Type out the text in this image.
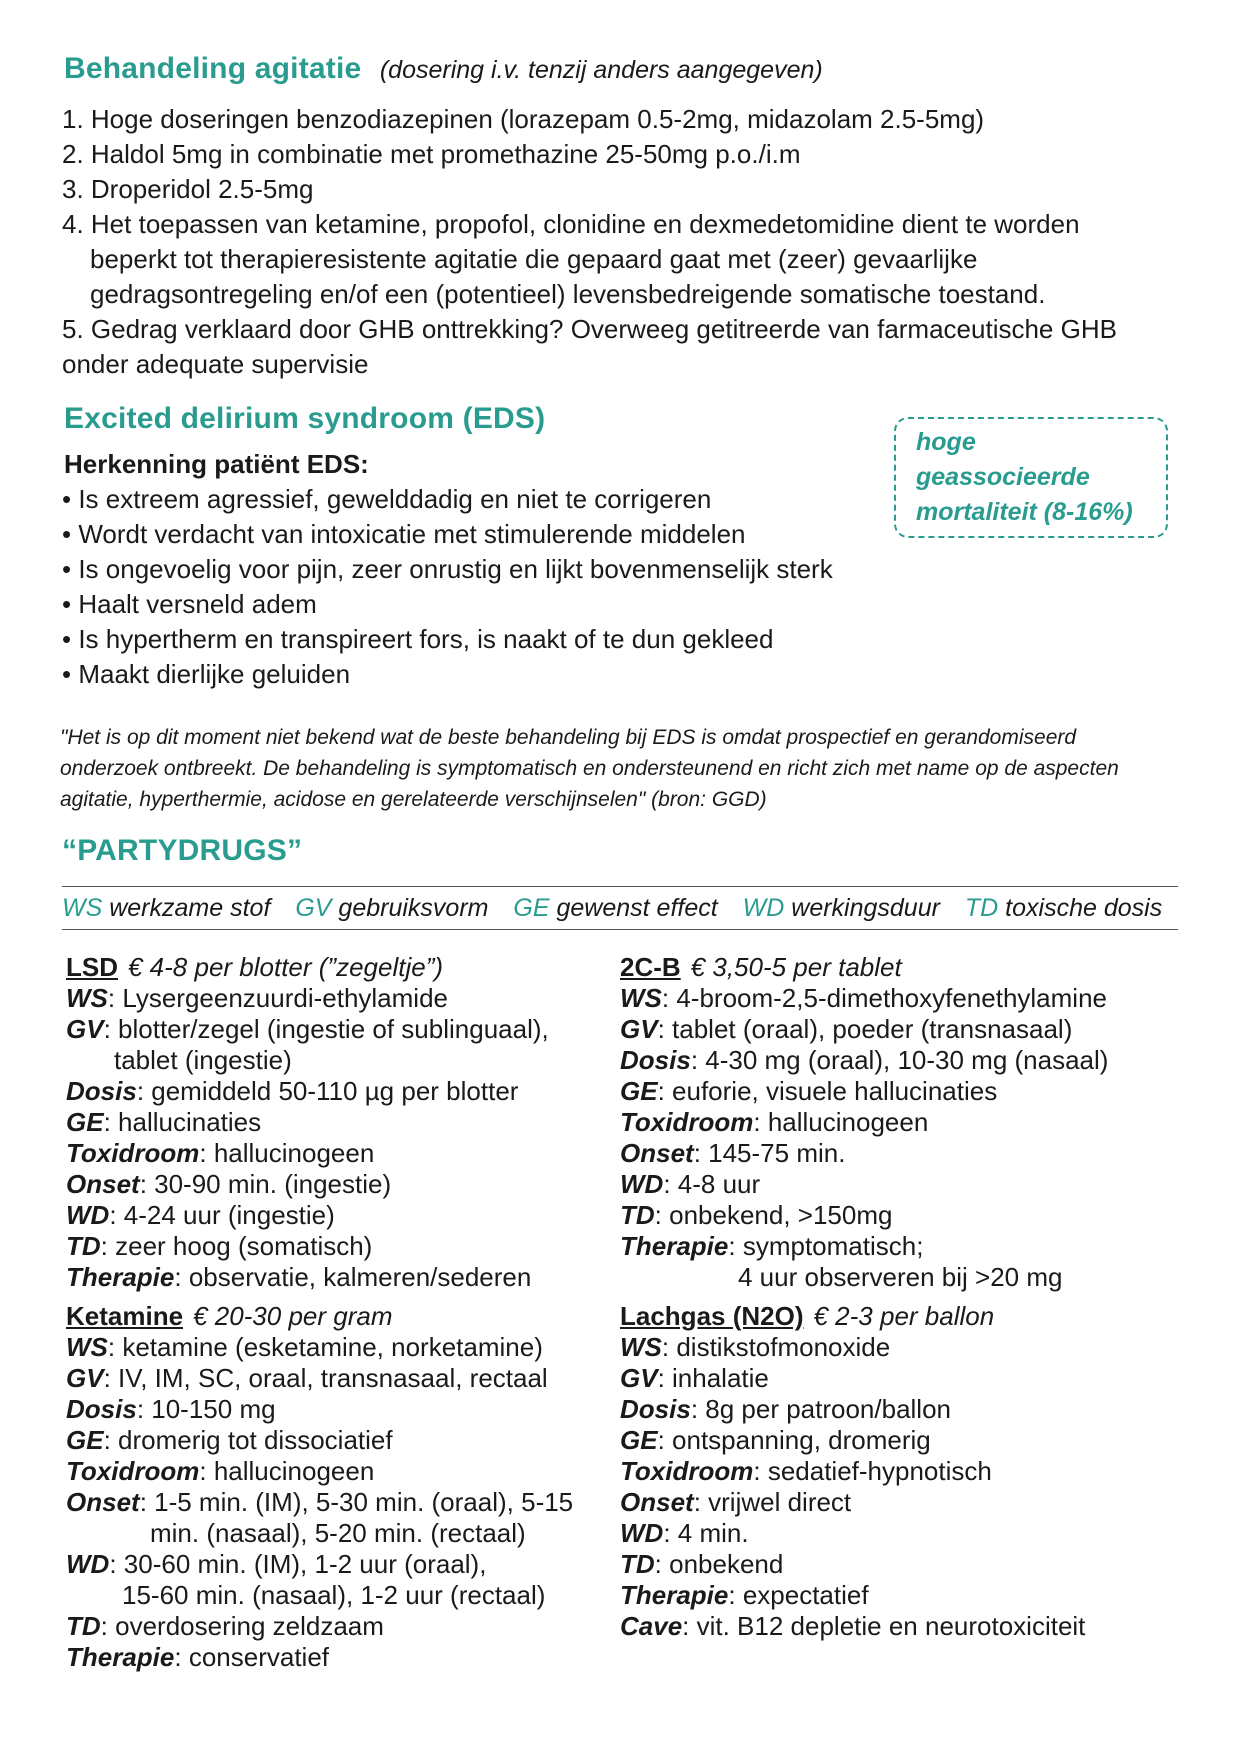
Behandeling agitatie (dosering i.v. tenzij anders aangegeven)
1. Hoge doseringen benzodiazepinen (lorazepam 0.5-2mg, midazolam 2.5-5mg)
2. Haldol 5mg in combinatie met promethazine 25-50mg p.o./i.m
3. Droperidol 2.5-5mg
4. Het toepassen van ketamine, propofol, clonidine en dexmedetomidine dient te worden
beperkt tot therapieresistente agitatie die gepaard gaat met (zeer) gevaarlijke
gedragsontregeling en/of een (potentieel) levensbedreigende somatische toestand.
5. Gedrag verklaard door GHB onttrekking? Overweeg getitreerde van farmaceutische GHB
onder adequate supervisie
Excited delirium syndroom (EDS)
Herkenning patiënt EDS:
• Is extreem agressief, gewelddadig en niet te corrigeren
• Wordt verdacht van intoxicatie met stimulerende middelen
• Is ongevoelig voor pijn, zeer onrustig en lijkt bovenmenselijk sterk
• Haalt versneld adem
• Is hypertherm en transpireert fors, is naakt of te dun gekleed
• Maakt dierlijke geluiden
hoge geassocieerde
mortaliteit (8-16%)
"Het is op dit moment niet bekend wat de beste behandeling bij EDS is omdat prospectief en gerandomiseerd
onderzoek ontbreekt. De behandeling is symptomatisch en ondersteunend en richt zich met name op de aspecten
agitatie, hyperthermie, acidose en gerelateerde verschijnselen" (bron: GGD)
“PARTYDRUGS”
WS werkzame stof GV gebruiksvorm GE gewenst effect WD werkingsduur TD toxische dosis
LSD € 4-8 per blotter (”zegeltje”)
WS: Lysergeenzuurdi-ethylamide
GV: blotter/zegel (ingestie of sublinguaal),
tablet (ingestie)
Dosis: gemiddeld 50-110 µg per blotter
GE: hallucinaties
Toxidroom: hallucinogeen
Onset: 30-90 min. (ingestie)
WD: 4-24 uur (ingestie)
TD: zeer hoog (somatisch)
Therapie: observatie, kalmeren/sederen
Ketamine € 20-30 per gram
WS: ketamine (esketamine, norketamine)
GV: IV, IM, SC, oraal, transnasaal, rectaal
Dosis: 10-150 mg
GE: dromerig tot dissociatief
Toxidroom: hallucinogeen
Onset: 1-5 min. (IM), 5-30 min. (oraal), 5-15
min. (nasaal), 5-20 min. (rectaal)
WD: 30-60 min. (IM), 1-2 uur (oraal),
15-60 min. (nasaal), 1-2 uur (rectaal)
TD: overdosering zeldzaam
Therapie: conservatief
2C-B € 3,50-5 per tablet
WS: 4-broom-2,5-dimethoxyfenethylamine
GV: tablet (oraal), poeder (transnasaal)
Dosis: 4-30 mg (oraal), 10-30 mg (nasaal)
GE: euforie, visuele hallucinaties
Toxidroom: hallucinogeen
Onset: 145-75 min.
WD: 4-8 uur
TD: onbekend, >150mg
Therapie: symptomatisch;
4 uur observeren bij >20 mg
Lachgas (N2O) € 2-3 per ballon
WS: distikstofmonoxide
GV: inhalatie
Dosis: 8g per patroon/ballon
GE: ontspanning, dromerig
Toxidroom: sedatief-hypnotisch
Onset: vrijwel direct
WD: 4 min.
TD: onbekend
Therapie: expectatief
Cave: vit. B12 depletie en neurotoxiciteit
